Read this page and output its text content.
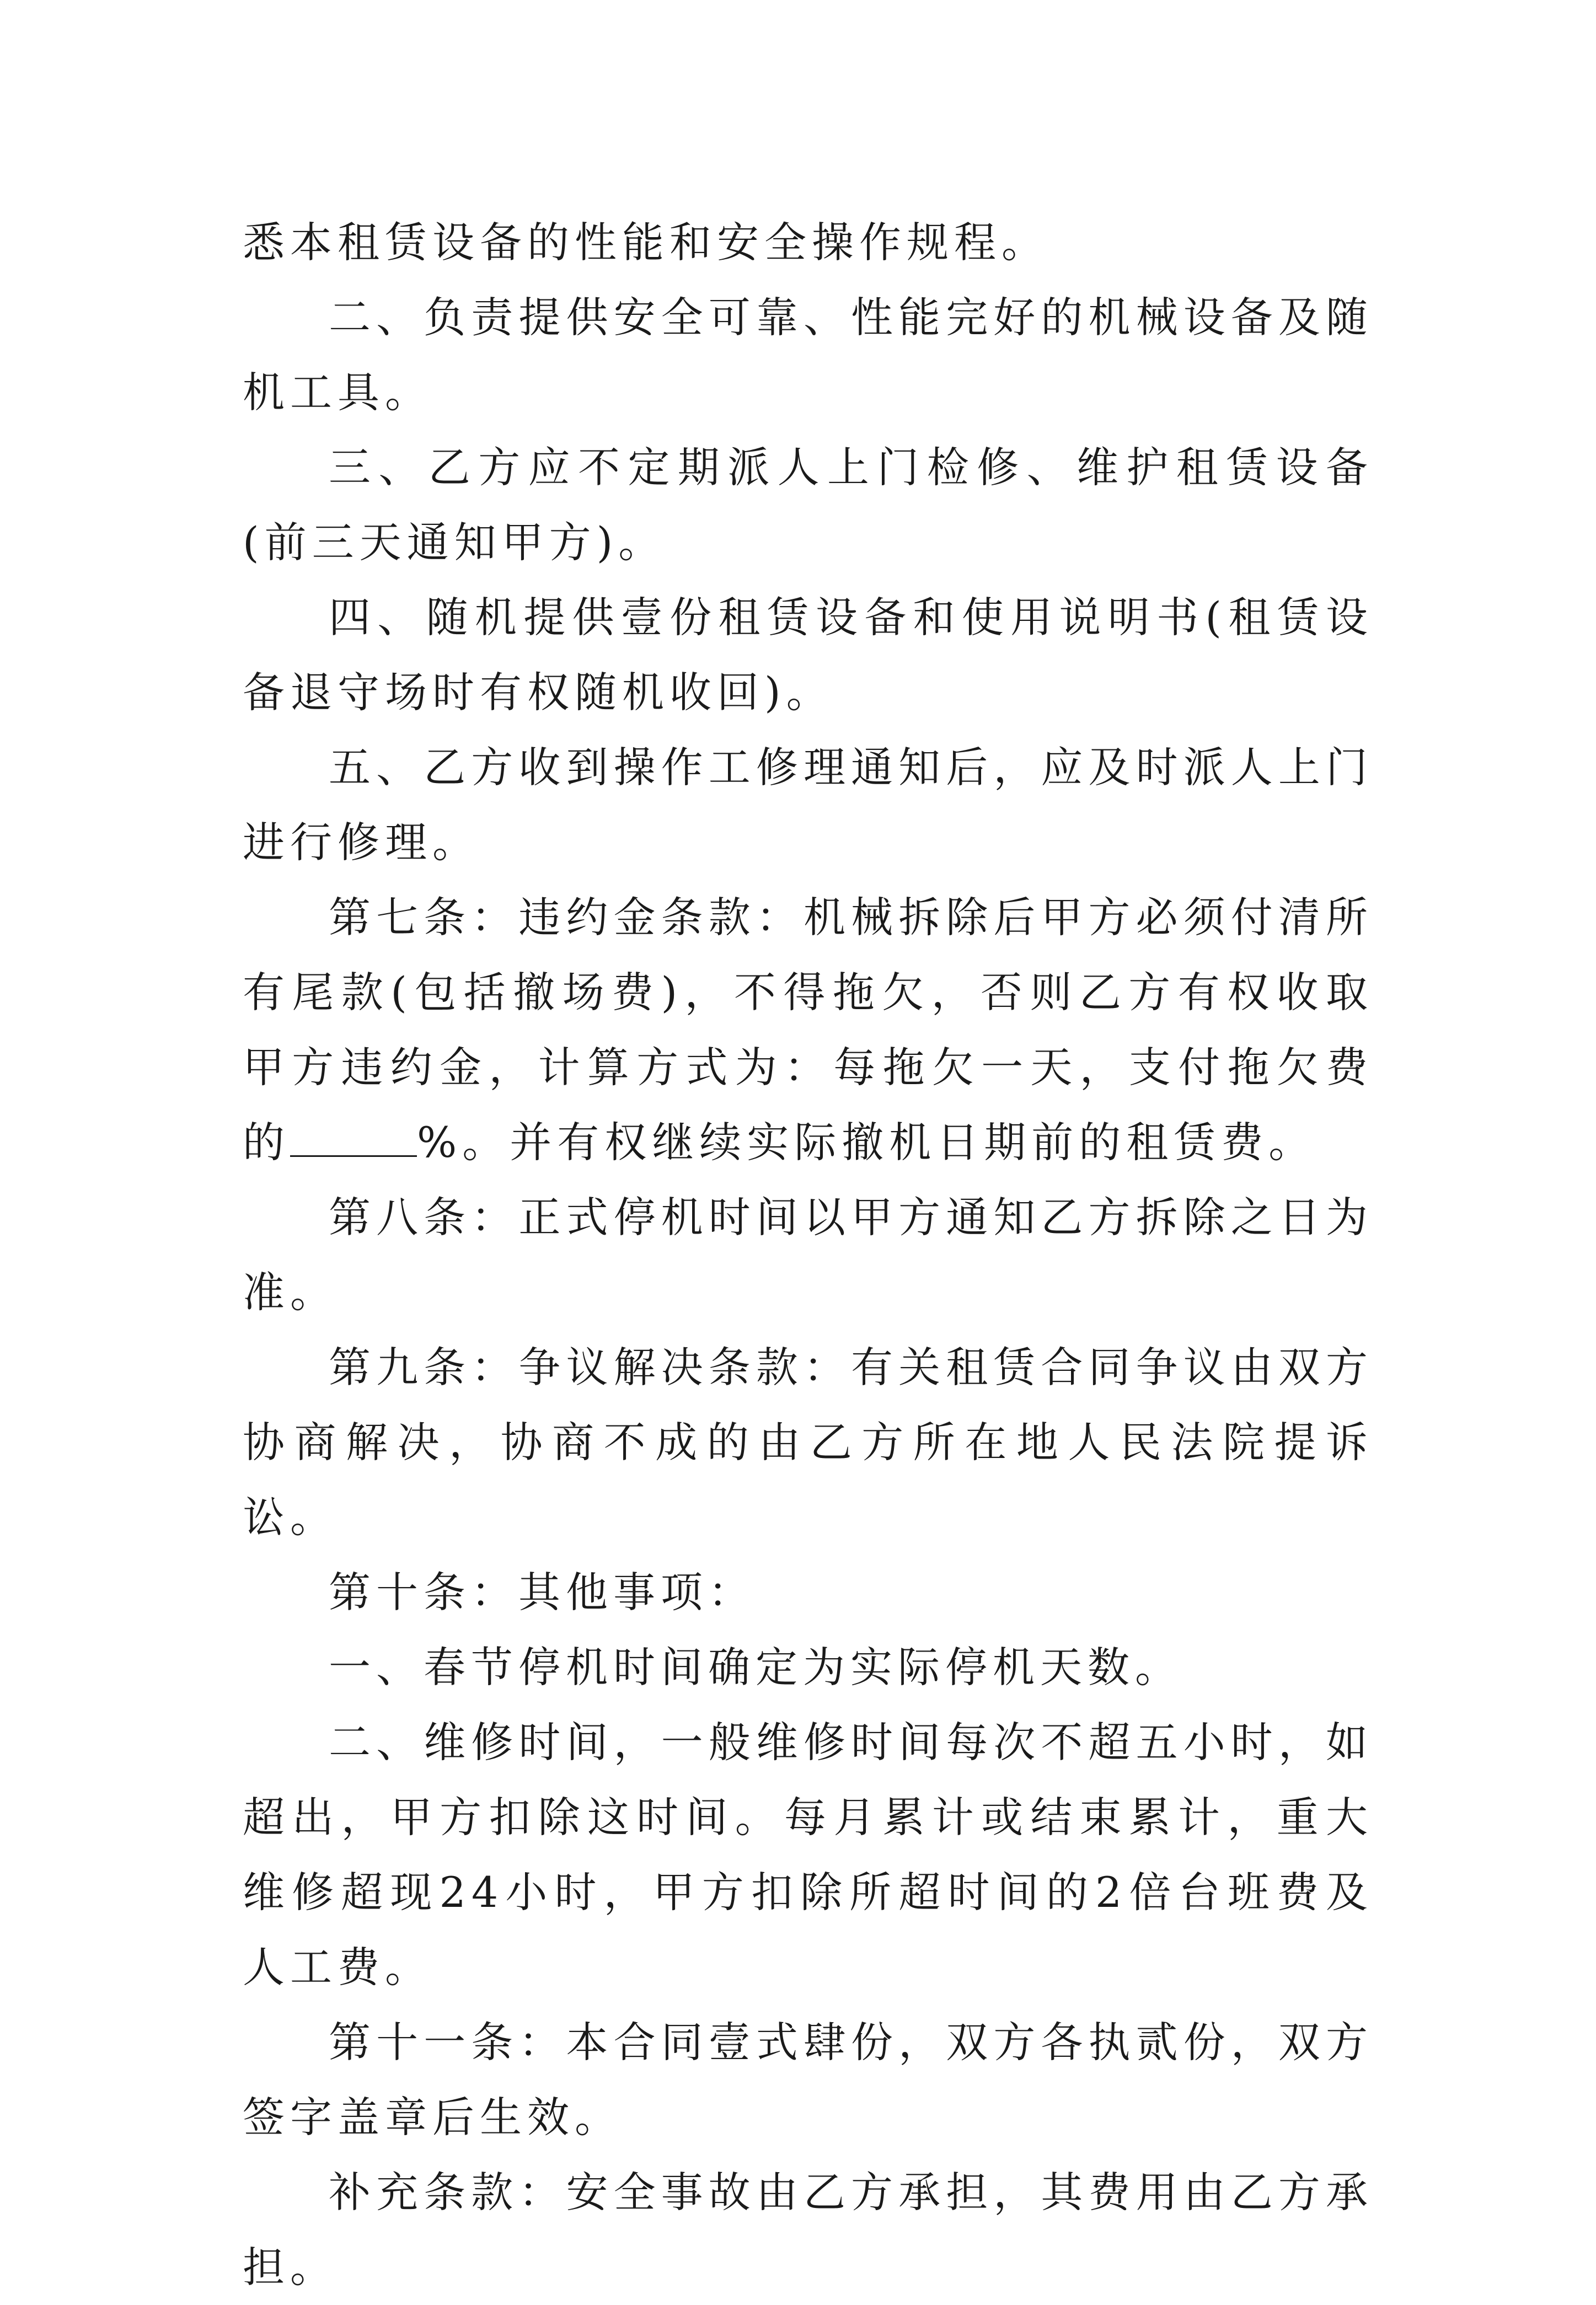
悉本租赁设备的性能和安全操作规程。

二、负责提供安全可靠、性能完好的机械设备及随机工具。

三、乙方应不定期派人上门检修、维护租赁设备(前三天通知甲方)。

四、随机提供壹份租赁设备和使用说明书(租赁设备退守场时有权随机收回)。

五、乙方收到操作工修理通知后，应及时派人上门进行修理。

第七条：违约金条款：机械拆除后甲方必须付清所有尾款(包括撤场费)，不得拖欠，否则乙方有权收取甲方违约金，计算方式为：每拖欠一天，支付拖欠费的	%。并有权继续实际撤机日期前的租赁费。

第八条：正式停机时间以甲方通知乙方拆除之日为准。

第九条：争议解决条款：有关租赁合同争议由双方协商解决，协商不成的由乙方所在地人民法院提诉讼。

第十条：其他事项：

一、春节停机时间确定为实际停机天数。

二、维修时间，一般维修时间每次不超五小时，如超出，甲方扣除这时间。每月累计或结束累计，重大维修超现24小时，甲方扣除所超时间的2倍台班费及人工费。

第十一条：本合同壹式肆份，双方各执贰份，双方签字盖章后生效。

补充条款：安全事故由乙方承担，其费用由乙方承担。
